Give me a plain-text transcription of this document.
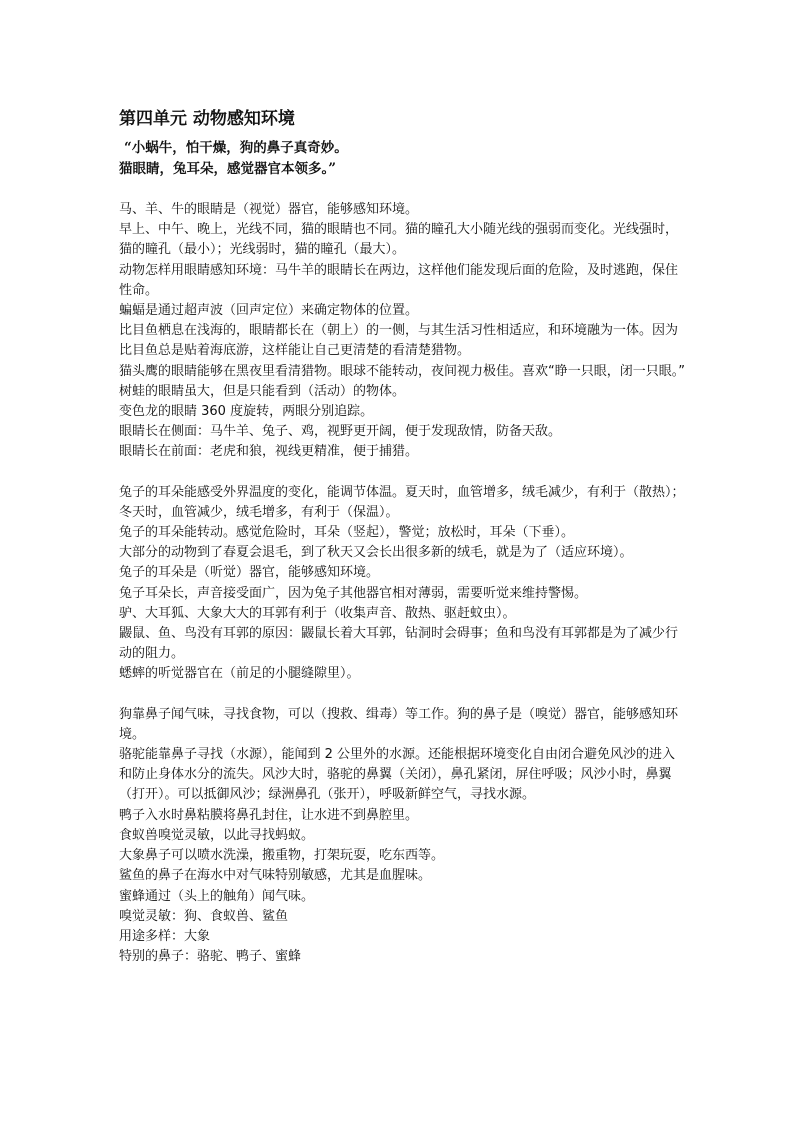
第四单元 动物感知环境

“小蜗牛，怕干燥，狗的鼻子真奇妙。

猫眼睛，兔耳朵，感觉器官本领多。”

马、羊、牛的眼睛是（视觉）器官，能够感知环境。

早上、中午、晚上，光线不同，猫的眼睛也不同。猫的瞳孔大小随光线的强弱而变化。光线强时，猫的瞳孔（最小）；光线弱时，猫的瞳孔（最大）。

动物怎样用眼睛感知环境：马牛羊的眼睛长在两边，这样他们能发现后面的危险，及时逃跑，保住性命。

蝙蝠是通过超声波（回声定位）来确定物体的位置。

比目鱼栖息在浅海的，眼睛都长在（朝上）的一侧，与其生活习性相适应，和环境融为一体。因为比目鱼总是贴着海底游，这样能让自己更清楚的看清楚猎物。

猫头鹰的眼睛能够在黑夜里看清猎物。眼球不能转动，夜间视力极佳。喜欢“睁一只眼，闭一只眼。”

树蛙的眼睛虽大，但是只能看到（活动）的物体。

变色龙的眼睛 360 度旋转，两眼分别追踪。

眼睛长在侧面：马牛羊、兔子、鸡，视野更开阔，便于发现敌情，防备天敌。

眼睛长在前面：老虎和狼，视线更精准，便于捕猎。

兔子的耳朵能感受外界温度的变化，能调节体温。夏天时，血管增多，绒毛减少，有利于（散热）；冬天时，血管减少，绒毛增多，有利于（保温）。

兔子的耳朵能转动。感觉危险时，耳朵（竖起），警觉；放松时，耳朵（下垂）。

大部分的动物到了春夏会退毛，到了秋天又会长出很多新的绒毛，就是为了（适应环境）。

兔子的耳朵是（听觉）器官，能够感知环境。

兔子耳朵长，声音接受面广，因为兔子其他器官相对薄弱，需要听觉来维持警惕。

驴、大耳狐、大象大大的耳郭有利于（收集声音、散热、驱赶蚊虫）。

鼹鼠、鱼、鸟没有耳郭的原因：鼹鼠长着大耳郭，钻洞时会碍事；鱼和鸟没有耳郭都是为了减少行动的阻力。

蟋蟀的听觉器官在（前足的小腿缝隙里）。

狗靠鼻子闻气味，寻找食物，可以（搜救、缉毒）等工作。狗的鼻子是（嗅觉）器官，能够感知环境。

骆驼能靠鼻子寻找（水源），能闻到 2 公里外的水源。还能根据环境变化自由闭合避免风沙的进入和防止身体水分的流失。风沙大时，骆驼的鼻翼（关闭），鼻孔紧闭，屏住呼吸；风沙小时，鼻翼（打开）。可以抵御风沙；绿洲鼻孔（张开），呼吸新鲜空气，寻找水源。

鸭子入水时鼻粘膜将鼻孔封住，让水进不到鼻腔里。

食蚁兽嗅觉灵敏，以此寻找蚂蚁。

大象鼻子可以喷水洗澡，搬重物，打架玩耍，吃东西等。

鲨鱼的鼻子在海水中对气味特别敏感，尤其是血腥味。

蜜蜂通过（头上的触角）闻气味。

嗅觉灵敏：狗、食蚁兽、鲨鱼

用途多样：大象

特别的鼻子：骆驼、鸭子、蜜蜂
